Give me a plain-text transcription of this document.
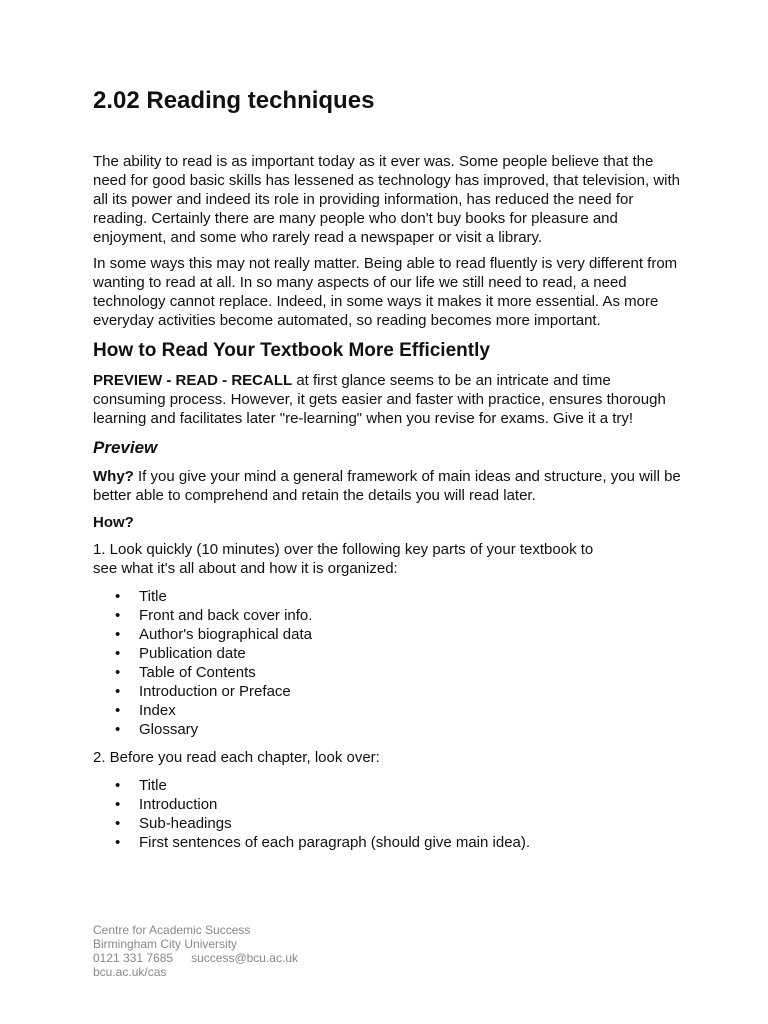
2.02 Reading techniques

The ability to read is as important today as it ever was. Some people believe that the need for good basic skills has lessened as technology has improved, that television, with all its power and indeed its role in providing information, has reduced the need for reading. Certainly there are many people who don't buy books for pleasure and enjoyment, and some who rarely read a newspaper or visit a library.

In some ways this may not really matter. Being able to read fluently is very different from wanting to read at all. In so many aspects of our life we still need to read, a need technology cannot replace. Indeed, in some ways it makes it more essential. As more everyday activities become automated, so reading becomes more important.

How to Read Your Textbook More Efficiently

PREVIEW - READ - RECALL at first glance seems to be an intricate and time consuming process. However, it gets easier and faster with practice, ensures thorough learning and facilitates later "re-learning" when you revise for exams. Give it a try!

Preview

Why? If you give your mind a general framework of main ideas and structure, you will be better able to comprehend and retain the details you will read later.

How?

1. Look quickly (10 minutes) over the following key parts of your textbook to
see what it's all about and how it is organized:

• Title
• Front and back cover info.
• Author's biographical data
• Publication date
• Table of Contents
• Introduction or Preface
• Index
• Glossary

2. Before you read each chapter, look over:

• Title
• Introduction
• Sub-headings
• First sentences of each paragraph (should give main idea).
Centre for Academic Success
Birmingham City University
0121 331 7685 success@bcu.ac.uk
bcu.ac.uk/cas
